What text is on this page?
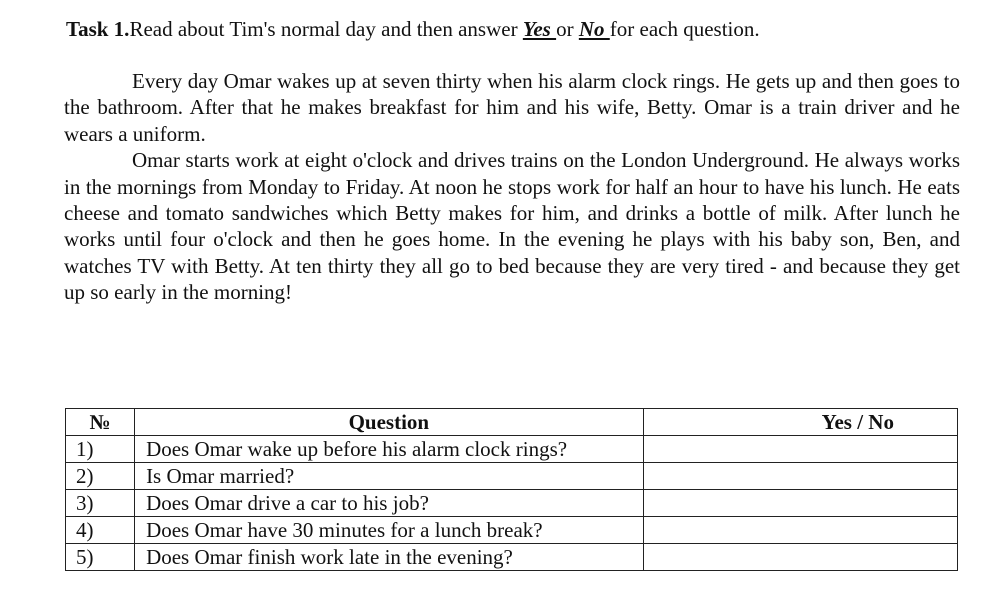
Task 1.Read about Tim's normal day and then answer Yes or No for each question.

Every day Omar wakes up at seven thirty when his alarm clock rings. He gets up and then goes to the bathroom. After that he makes breakfast for him and his wife, Betty. Omar is a train driver and he wears a uniform.

Omar starts work at eight o'clock and drives trains on the London Underground. He always works in the mornings from Monday to Friday. At noon he stops work for half an hour to have his lunch. He eats cheese and tomato sandwiches which Betty makes for him, and drinks a bottle of milk. After lunch he works until four o'clock and then he goes home. In the evening he plays with his baby son, Ben, and watches TV with Betty. At ten thirty they all go to bed because they are very tired - and because they get up so early in the morning!

№	Question	Yes / No
1)	Does Omar wake up before his alarm clock rings?	
2)	Is Omar married?	
3)	Does Omar drive a car to his job?	
4)	Does Omar have 30 minutes for a lunch break?	
5)	Does Omar finish work late in the evening?	
